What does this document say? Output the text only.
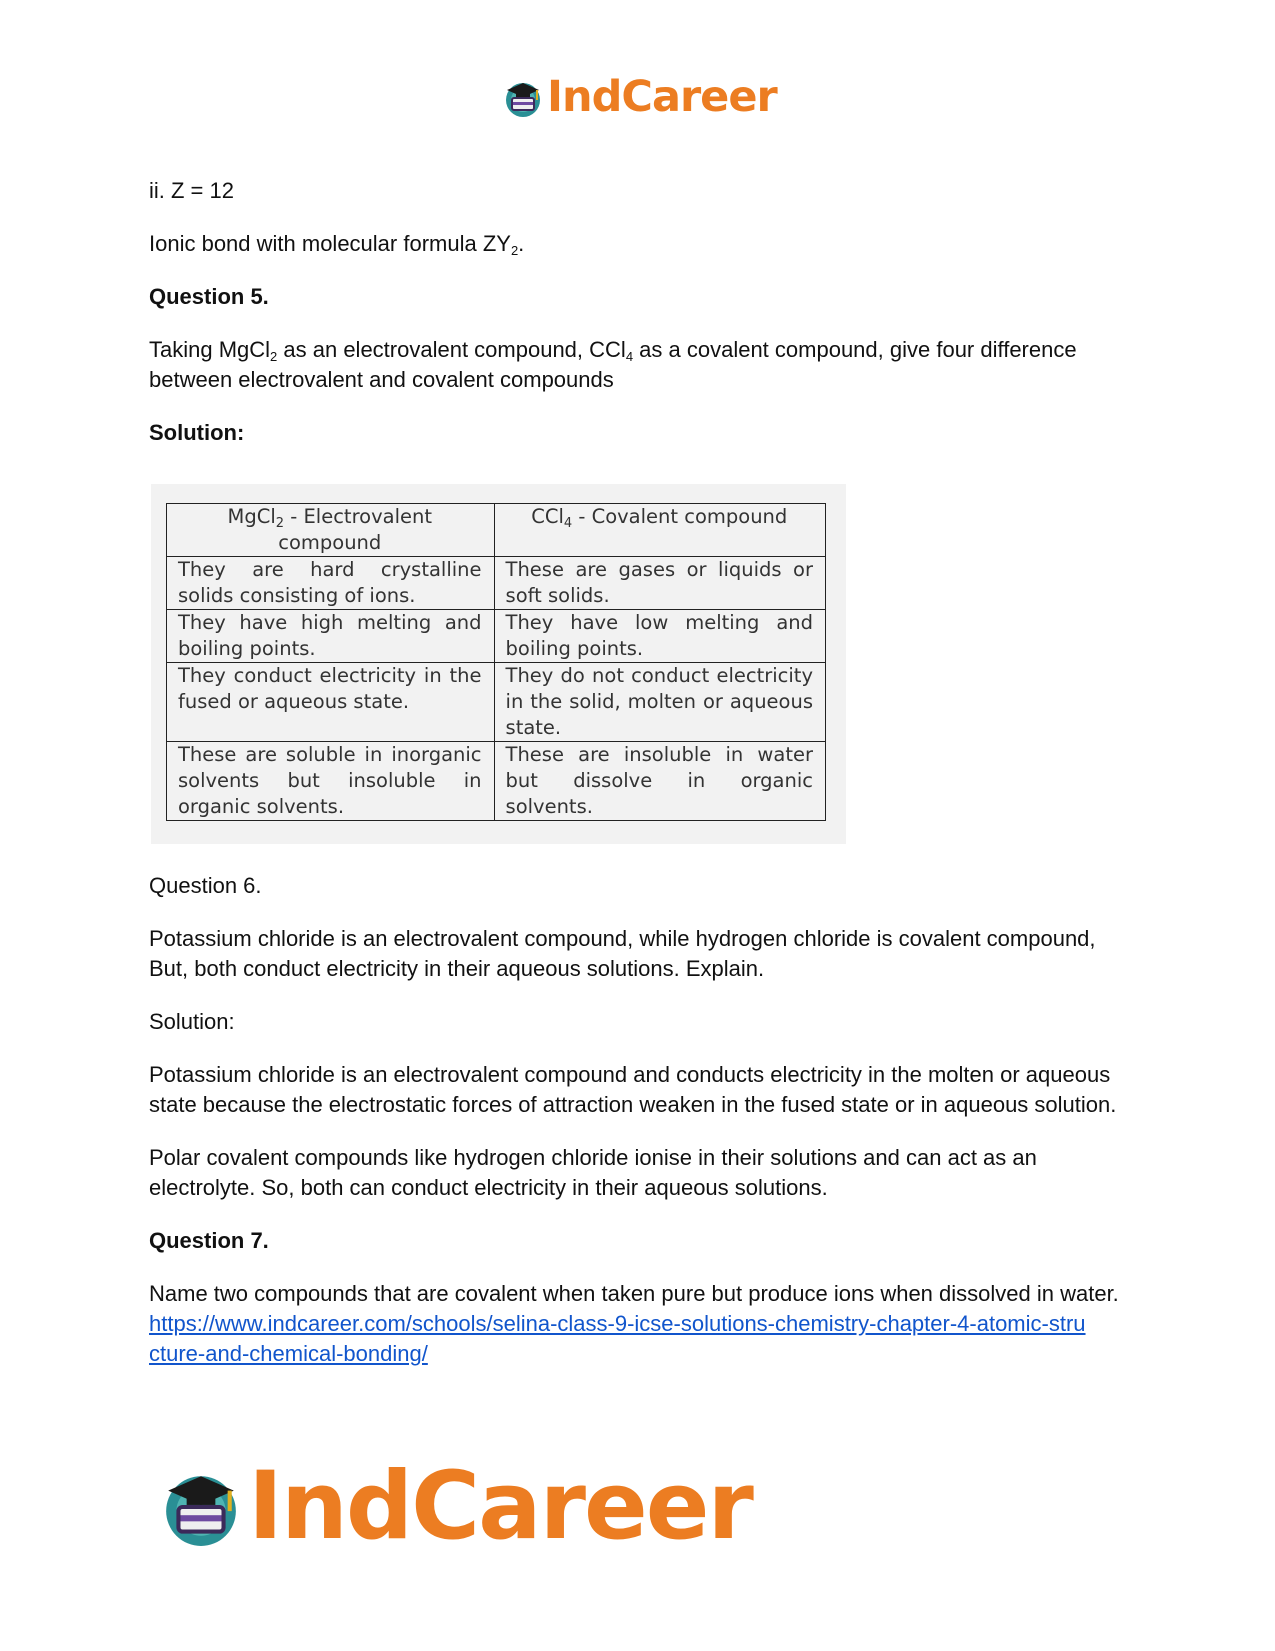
IndCareer

ii. Z = 12

Ionic bond with molecular formula $ZY_2$.

Question 5.

Taking MgCl$_2$ as an electrovalent compound, CCl$_4$ as a covalent compound, give four difference between electrovalent and covalent compounds

Solution:

MgCl$_2$ - Electrovalent compound	CCl$_4$ - Covalent compound
They are hard crystalline solids consisting of ions.	These are gases or liquids or soft solids.
They have high melting and boiling points.	They have low melting and boiling points.
They conduct electricity in the fused or aqueous state.	They do not conduct electricity in the solid, molten or aqueous state.
These are soluble in inorganic solvents but insoluble in organic solvents.	These are insoluble in water but dissolve in organic solvents.

Question 6.

Potassium chloride is an electrovalent compound, while hydrogen chloride is covalent compound, But, both conduct electricity in their aqueous solutions. Explain.

Solution:

Potassium chloride is an electrovalent compound and conducts electricity in the molten or aqueous state because the electrostatic forces of attraction weaken in the fused state or in aqueous solution.

Polar covalent compounds like hydrogen chloride ionise in their solutions and can act as an electrolyte. So, both can conduct electricity in their aqueous solutions.

Question 7.

Name two compounds that are covalent when taken pure but produce ions when dissolved in water.

https://www.indcareer.com/schools/selina-class-9-icse-solutions-chemistry-chapter-4-atomic-stru
cture-and-chemical-bonding/

IndCareer
